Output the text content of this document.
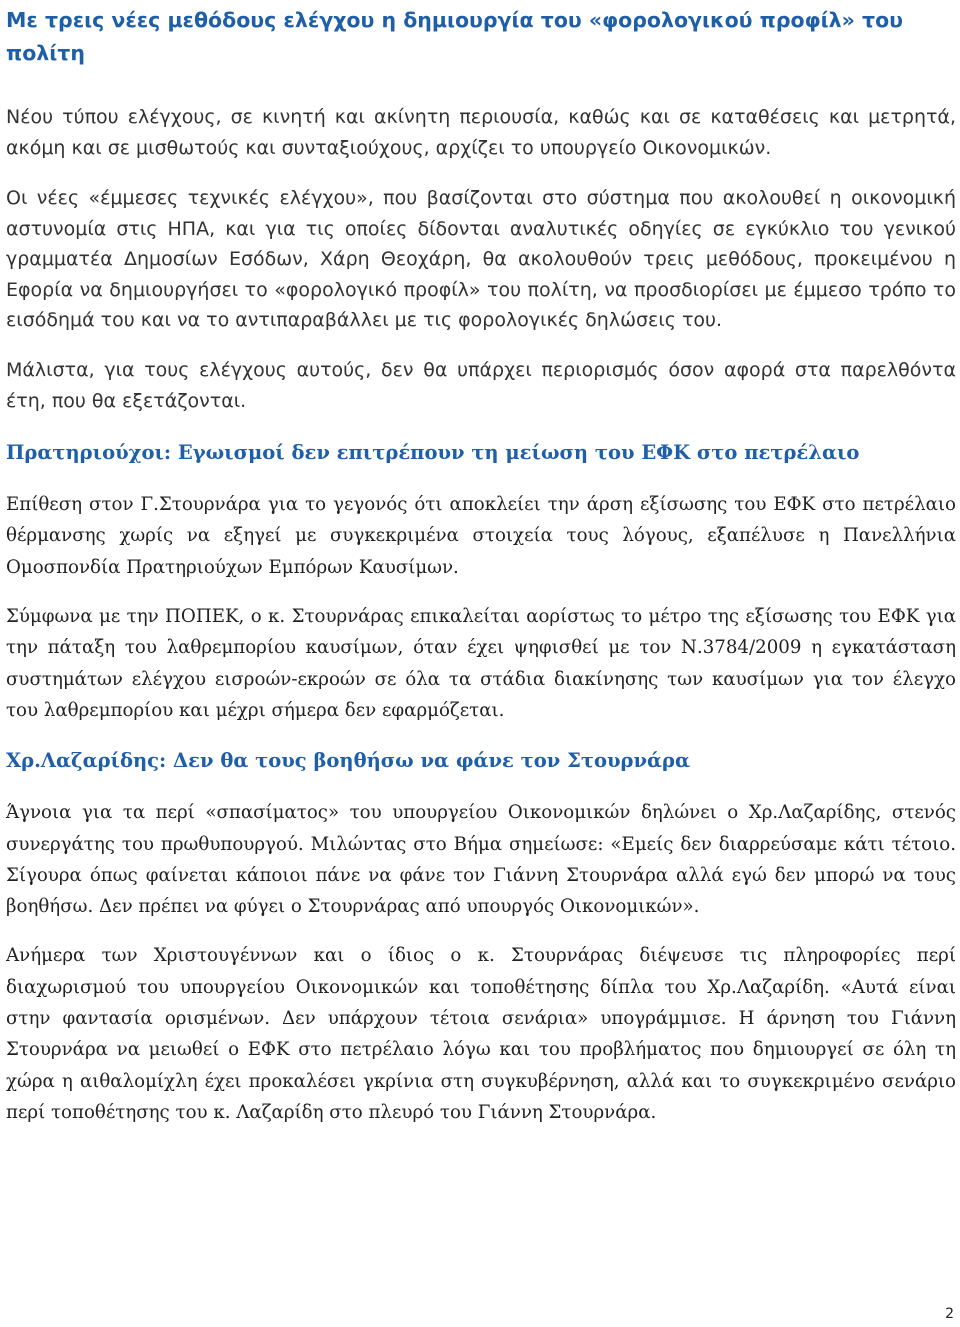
Με τρεις νέες μεθόδους ελέγχου η δημιουργία του «φορολογικού προφίλ» του πολίτη

Νέου τύπου ελέγχους, σε κινητή και ακίνητη περιουσία, καθώς και σε καταθέσεις και μετρητά, ακόμη και σε μισθωτούς και συνταξιούχους, αρχίζει το υπουργείο Οικονομικών.

Οι νέες «έμμεσες τεχνικές ελέγχου», που βασίζονται στο σύστημα που ακολουθεί η οικονομική αστυνομία στις ΗΠΑ, και για τις οποίες δίδονται αναλυτικές οδηγίες σε εγκύκλιο του γενικού γραμματέα Δημοσίων Εσόδων, Χάρη Θεοχάρη, θα ακολουθούν τρεις μεθόδους, προκειμένου η Εφορία να δημιουργήσει το «φορολογικό προφίλ» του πολίτη, να προσδιορίσει με έμμεσο τρόπο το εισόδημά του και να το αντιπαραβάλλει με τις φορολογικές δηλώσεις του.

Μάλιστα, για τους ελέγχους αυτούς, δεν θα υπάρχει περιορισμός όσον αφορά στα παρελθόντα έτη, που θα εξετάζονται.

Πρατηριούχοι: Εγωισμοί δεν επιτρέπουν τη μείωση του ΕΦΚ στο πετρέλαιο

Επίθεση στον Γ.Στουρνάρα για το γεγονός ότι αποκλείει την άρση εξίσωσης του ΕΦΚ στο πετρέλαιο θέρμανσης χωρίς να εξηγεί με συγκεκριμένα στοιχεία τους λόγους, εξαπέλυσε η Πανελλήνια Ομοσπονδία Πρατηριούχων Εμπόρων Καυσίμων.

Σύμφωνα με την ΠΟΠΕΚ, ο κ. Στουρνάρας επικαλείται αορίστως το μέτρο της εξίσωσης του ΕΦΚ για την πάταξη του λαθρεμπορίου καυσίμων, όταν έχει ψηφισθεί με τον Ν.3784/2009 η εγκατάσταση συστημάτων ελέγχου εισροών-εκροών σε όλα τα στάδια διακίνησης των καυσίμων για τον έλεγχο του λαθρεμπορίου και μέχρι σήμερα δεν εφαρμόζεται.

Χρ.Λαζαρίδης: Δεν θα τους βοηθήσω να φάνε τον Στουρνάρα

Άγνοια για τα περί «σπασίματος» του υπουργείου Οικονομικών δηλώνει ο Χρ.Λαζαρίδης, στενός συνεργάτης του πρωθυπουργού. Μιλώντας στο Βήμα σημείωσε: «Εμείς δεν διαρρεύσαμε κάτι τέτοιο. Σίγουρα όπως φαίνεται κάποιοι πάνε να φάνε τον Γιάννη Στουρνάρα αλλά εγώ δεν μπορώ να τους βοηθήσω. Δεν πρέπει να φύγει ο Στουρνάρας από υπουργός Οικονομικών».

Ανήμερα των Χριστουγέννων και ο ίδιος ο κ. Στουρνάρας διέψευσε τις πληροφορίες περί διαχωρισμού του υπουργείου Οικονομικών και τοποθέτησης δίπλα του Χρ.Λαζαρίδη. «Αυτά είναι στην φαντασία ορισμένων. Δεν υπάρχουν τέτοια σενάρια» υπογράμμισε. Η άρνηση του Γιάννη Στουρνάρα να μειωθεί ο ΕΦΚ στο πετρέλαιο λόγω και του προβλήματος που δημιουργεί σε όλη τη χώρα η αιθαλομίχλη έχει προκαλέσει γκρίνια στη συγκυβέρνηση, αλλά και το συγκεκριμένο σενάριο περί τοποθέτησης του κ. Λαζαρίδη στο πλευρό του Γιάννη Στουρνάρα.

2
